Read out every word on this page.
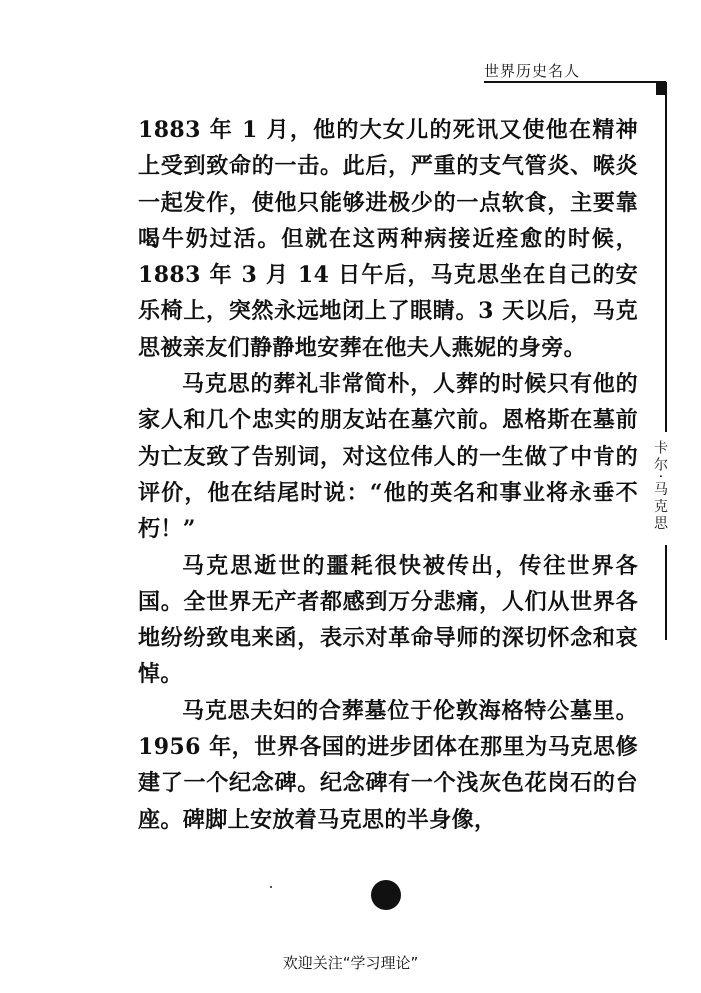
世界历史名人
卡尔·马克思

1883 年 1 月，他的大女儿的死讯又使他在精神上受到致命的一击。此后，严重的支气管炎、喉炎一起发作，使他只能够进极少的一点软食，主要靠喝牛奶过活。但就在这两种病接近痊愈的时候，1883 年 3 月 14 日午后，马克思坐在自己的安乐椅上，突然永远地闭上了眼睛。3 天以后，马克思被亲友们静静地安葬在他夫人燕妮的身旁。

马克思的葬礼非常简朴，人葬的时候只有他的家人和几个忠实的朋友站在墓穴前。恩格斯在墓前为亡友致了告别词，对这位伟人的一生做了中肯的评价，他在结尾时说：“他的英名和事业将永垂不朽！”

马克思逝世的噩耗很快被传出，传往世界各国。全世界无产者都感到万分悲痛，人们从世界各地纷纷致电来函，表示对革命导师的深切怀念和哀悼。

马克思夫妇的合葬墓位于伦敦海格特公墓里。1956 年，世界各国的进步团体在那里为马克思修建了一个纪念碑。纪念碑有一个浅灰色花岗石的台座。碑脚上安放着马克思的半身像，

欢迎关注“学习理论”
